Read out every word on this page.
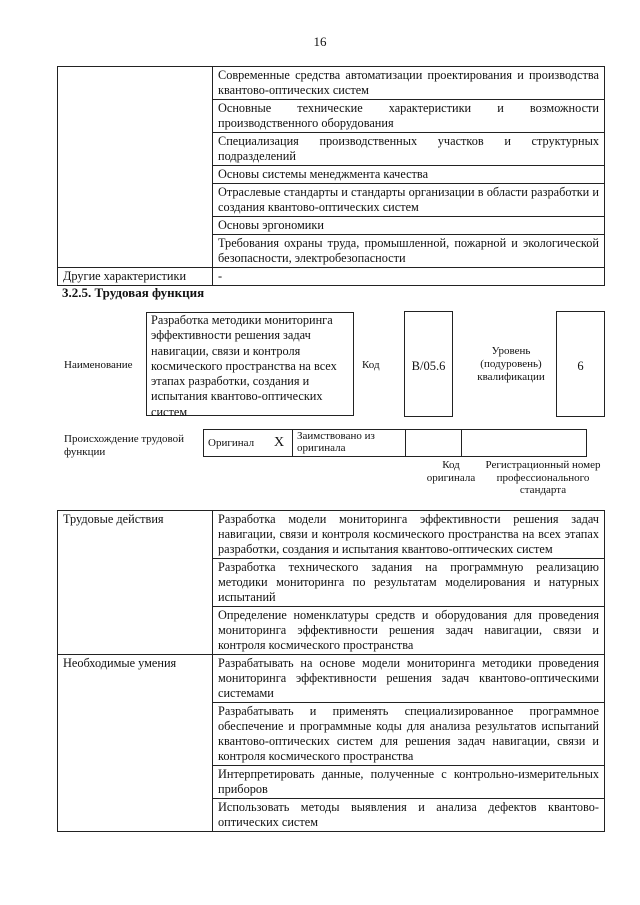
16
	Современные средства автоматизации проектирования и производства квантово-оптических систем
	Основные технические характеристики и возможности производственного оборудования
	Специализация производственных участков и структурных подразделений
	Основы системы менеджмента качества
	Отраслевые стандарты и стандарты организации в области разработки и создания квантово-оптических систем
	Основы эргономики
	Требования охраны труда, промышленной, пожарной и экологической безопасности, электробезопасности
Другие характеристики	-
3.2.5. Трудовая функция
Наименование
Разработка методики мониторинга эффективности решения задач навигации, связи и контроля космического пространства на всех этапах разработки, создания и испытания квантово-оптических систем
Код	B/05.6
Уровень (подуровень) квалификации
6
Происхождение трудовой функции
Оригинал	X	Заимствовано из оригинала		
Код оригинала
Регистрационный номер профессионального стандарта
Трудовые действия	Разработка модели мониторинга эффективности решения задач навигации, связи и контроля космического пространства на всех этапах разработки, создания и испытания квантово-оптических систем
	Разработка технического задания на программную реализацию методики мониторинга по результатам моделирования и натурных испытаний
	Определение номенклатуры средств и оборудования для проведения мониторинга эффективности решения задач навигации, связи и контроля космического пространства
Необходимые умения	Разрабатывать на основе модели мониторинга методики проведения мониторинга эффективности решения задач квантово-оптическими системами
	Разрабатывать и применять специализированное программное обеспечение и программные коды для анализа результатов испытаний квантово-оптических систем для решения задач навигации, связи и контроля космического пространства
	Интерпретировать данные, полученные с контрольно-измерительных приборов
	Использовать методы выявления и анализа дефектов квантово-оптических систем
